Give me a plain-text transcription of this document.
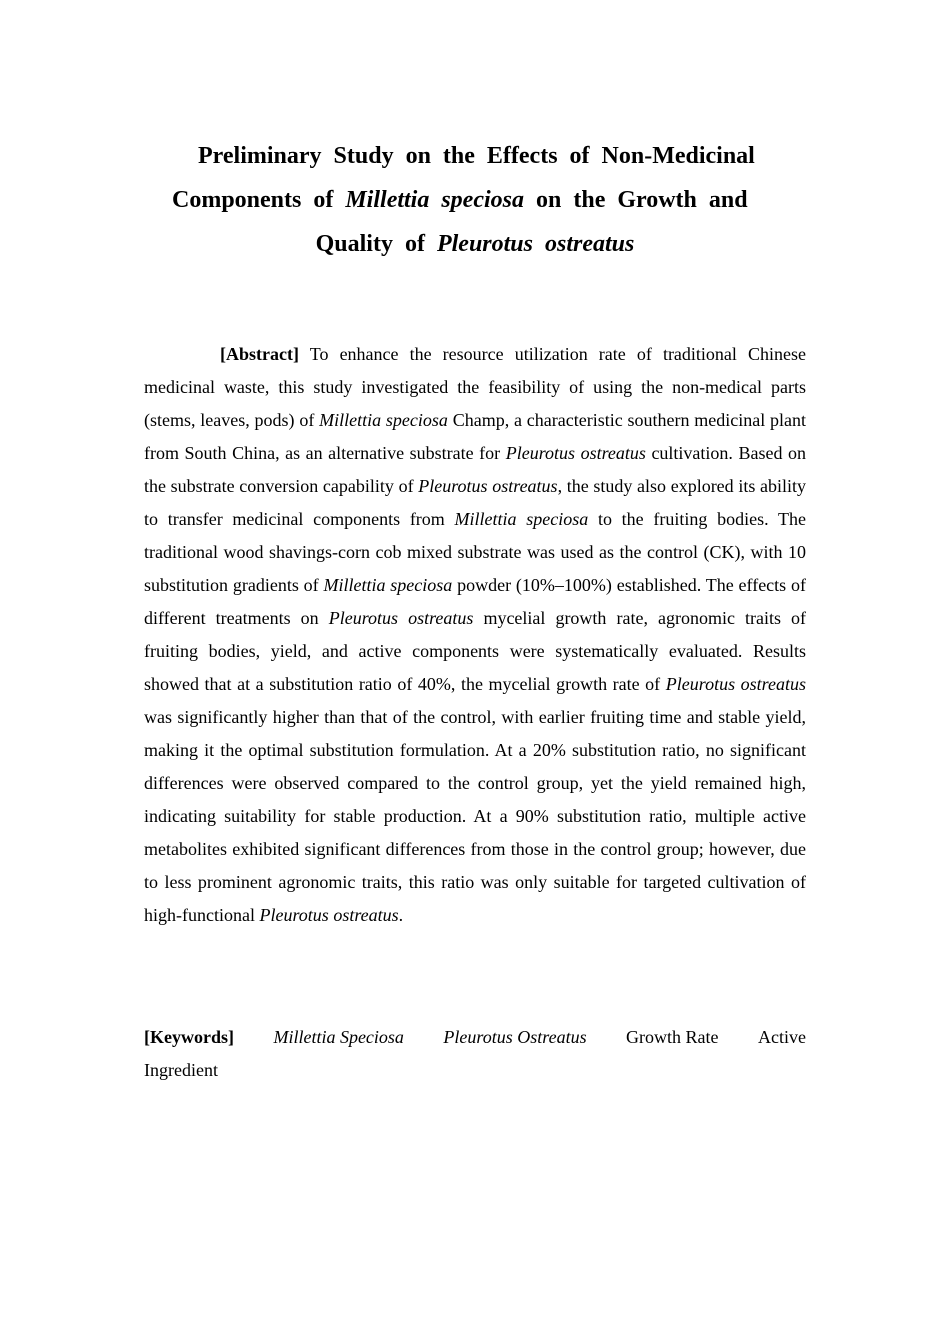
Preliminary Study on the Effects of Non-Medicinal
Components of Millettia speciosa on the Growth and
Quality of Pleurotus ostreatus

[Abstract] To enhance the resource utilization rate of traditional Chinese medicinal waste, this study investigated the feasibility of using the non-medical parts (stems, leaves, pods) of Millettia speciosa Champ, a characteristic southern medicinal plant from South China, as an alternative substrate for Pleurotus ostreatus cultivation. Based on the substrate conversion capability of Pleurotus ostreatus, the study also explored its ability to transfer medicinal components from Millettia speciosa to the fruiting bodies. The traditional wood shavings-corn cob mixed substrate was used as the control (CK), with 10 substitution gradients of Millettia speciosa powder (10%–100%) established. The effects of different treatments on Pleurotus ostreatus mycelial growth rate, agronomic traits of fruiting bodies, yield, and active components were systematically evaluated. Results showed that at a substitution ratio of 40%, the mycelial growth rate of Pleurotus ostreatus was significantly higher than that of the control, with earlier fruiting time and stable yield, making it the optimal substitution formulation. At a 20% substitution ratio, no significant differences were observed compared to the control group, yet the yield remained high, indicating suitability for stable production. At a 90% substitution ratio, multiple active metabolites exhibited significant differences from those in the control group; however, due to less prominent agronomic traits, this ratio was only suitable for targeted cultivation of high-functional Pleurotus ostreatus.

[Keywords] Millettia Speciosa Pleurotus Ostreatus Growth Rate Active
Ingredient
